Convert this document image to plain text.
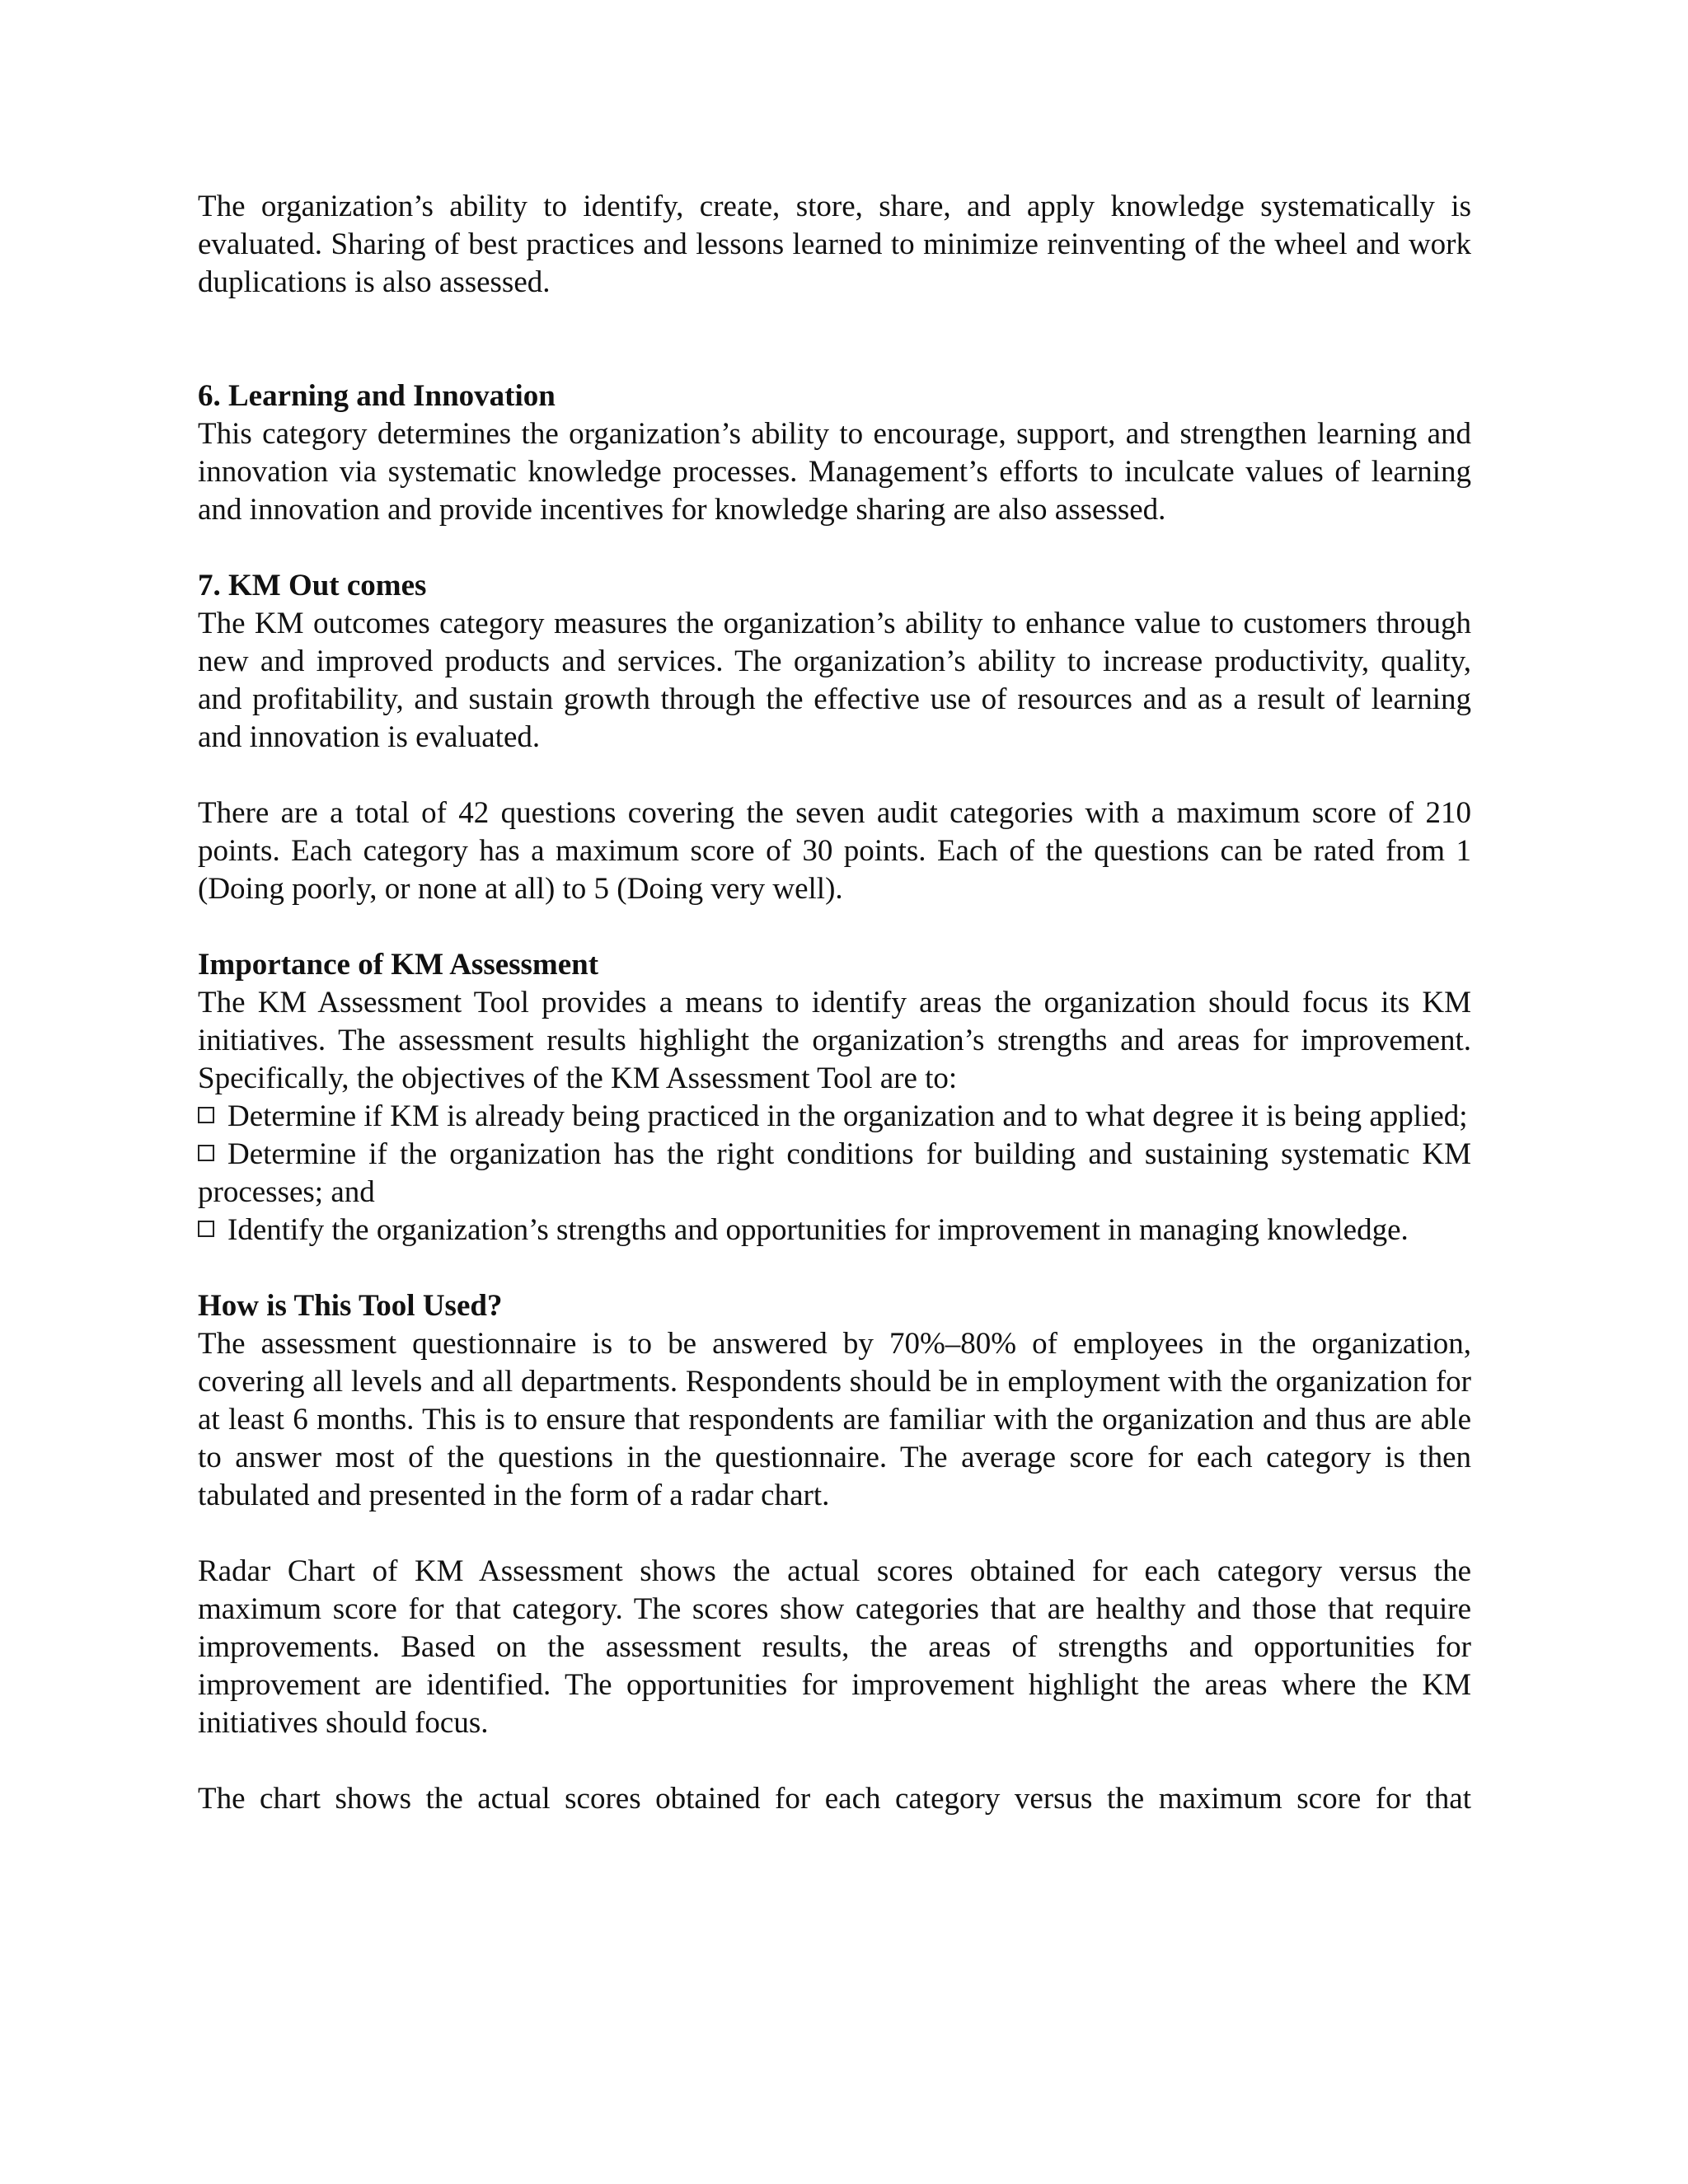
The organization’s ability to identify, create, store, share, and apply knowledge systematically is evaluated. Sharing of best practices and lessons learned to minimize reinventing of the wheel and work duplications is also assessed.

6. Learning and Innovation

This category determines the organization’s ability to encourage, support, and strengthen learning and innovation via systematic knowledge processes. Management’s efforts to inculcate values of learning and innovation and provide incentives for knowledge sharing are also assessed.

7. KM Out comes

The KM outcomes category measures the organization’s ability to enhance value to customers through new and improved products and services. The organization’s ability to increase productivity, quality, and profitability, and sustain growth through the effective use of resources and as a result of learning and innovation is evaluated.

There are a total of 42 questions covering the seven audit categories with a maximum score of 210 points. Each category has a maximum score of 30 points. Each of the questions can be rated from 1 (Doing poorly, or none at all) to 5 (Doing very well).

Importance of KM Assessment

The KM Assessment Tool provides a means to identify areas the organization should focus its KM initiatives. The assessment results highlight the organization’s strengths and areas for improvement. Specifically, the objectives of the KM Assessment Tool are to:

Determine if KM is already being practiced in the organization and to what degree it is being applied;

Determine if the organization has the right conditions for building and sustaining systematic KM processes; and

Identify the organization’s strengths and opportunities for improvement in managing knowledge.

How is This Tool Used?

The assessment questionnaire is to be answered by 70%–80% of employees in the organization, covering all levels and all departments. Respondents should be in employment with the organization for at least 6 months. This is to ensure that respondents are familiar with the organization and thus are able to answer most of the questions in the questionnaire. The average score for each category is then tabulated and presented in the form of a radar chart.

Radar Chart of KM Assessment shows the actual scores obtained for each category versus the maximum score for that category. The scores show categories that are healthy and those that require improvements. Based on the assessment results, the areas of strengths and opportunities for improvement are identified. The opportunities for improvement highlight the areas where the KM initiatives should focus.

The chart shows the actual scores obtained for each category versus the maximum score for that
